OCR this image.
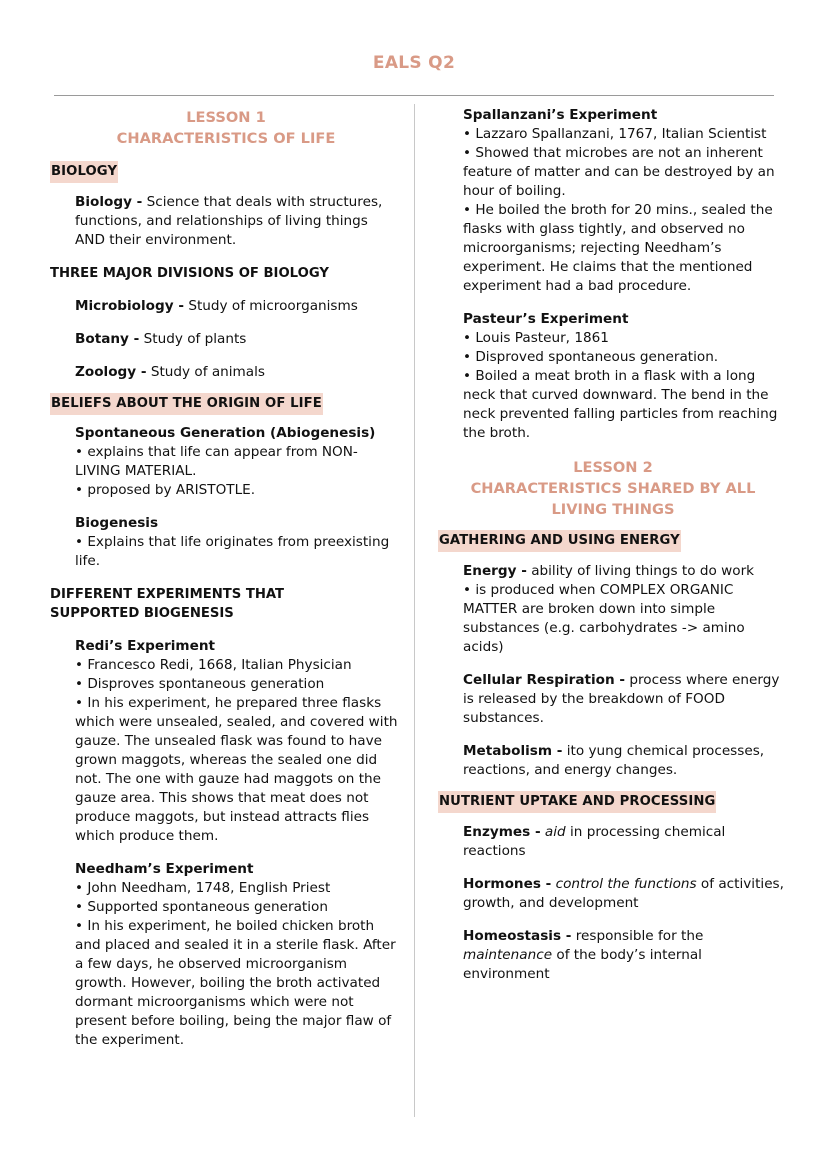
EALS Q2
LESSON 1
CHARACTERISTICS OF LIFE
BIOLOGY

Biology - Science that deals with structures, functions, and relationships of living things AND their environment.

THREE MAJOR DIVISIONS OF BIOLOGY

Microbiology - Study of microorganisms

Botany - Study of plants

Zoology - Study of animals

BELIEFS ABOUT THE ORIGIN OF LIFE

Spontaneous Generation (Abiogenesis)

• explains that life can appear from NON-LIVING MATERIAL.

• proposed by ARISTOTLE.

Biogenesis

• Explains that life originates from preexisting life.

DIFFERENT EXPERIMENTS THAT
SUPPORTED BIOGENESIS

Redi’s Experiment

• Francesco Redi, 1668, Italian Physician

• Disproves spontaneous generation

• In his experiment, he prepared three flasks which were unsealed, sealed, and covered with gauze. The unsealed flask was found to have grown maggots, whereas the sealed one did not. The one with gauze had maggots on the gauze area. This shows that meat does not produce maggots, but instead attracts flies which produce them.

Needham’s Experiment

• John Needham, 1748, English Priest

• Supported spontaneous generation

• In his experiment, he boiled chicken broth and placed and sealed it in a sterile flask. After a few days, he observed microorganism growth. However, boiling the broth activated dormant microorganisms which were not present before boiling, being the major flaw of the experiment.

Spallanzani’s Experiment

• Lazzaro Spallanzani, 1767, Italian Scientist

• Showed that microbes are not an inherent feature of matter and can be destroyed by an hour of boiling.

• He boiled the broth for 20 mins., sealed the flasks with glass tightly, and observed no microorganisms; rejecting Needham’s experiment. He claims that the mentioned experiment had a bad procedure.

Pasteur’s Experiment

• Louis Pasteur, 1861

• Disproved spontaneous generation.

• Boiled a meat broth in a flask with a long neck that curved downward. The bend in the neck prevented falling particles from reaching the broth.

LESSON 2
CHARACTERISTICS SHARED BY ALL
LIVING THINGS
GATHERING AND USING ENERGY

Energy - ability of living things to do work

• is produced when COMPLEX ORGANIC MATTER are broken down into simple substances (e.g. carbohydrates -> amino acids)

Cellular Respiration - process where energy is released by the breakdown of FOOD substances.

Metabolism - ito yung chemical processes, reactions, and energy changes.

NUTRIENT UPTAKE AND PROCESSING

Enzymes - aid in processing chemical reactions

Hormones - control the functions of activities, growth, and development

Homeostasis - responsible for the maintenance of the body’s internal environment
